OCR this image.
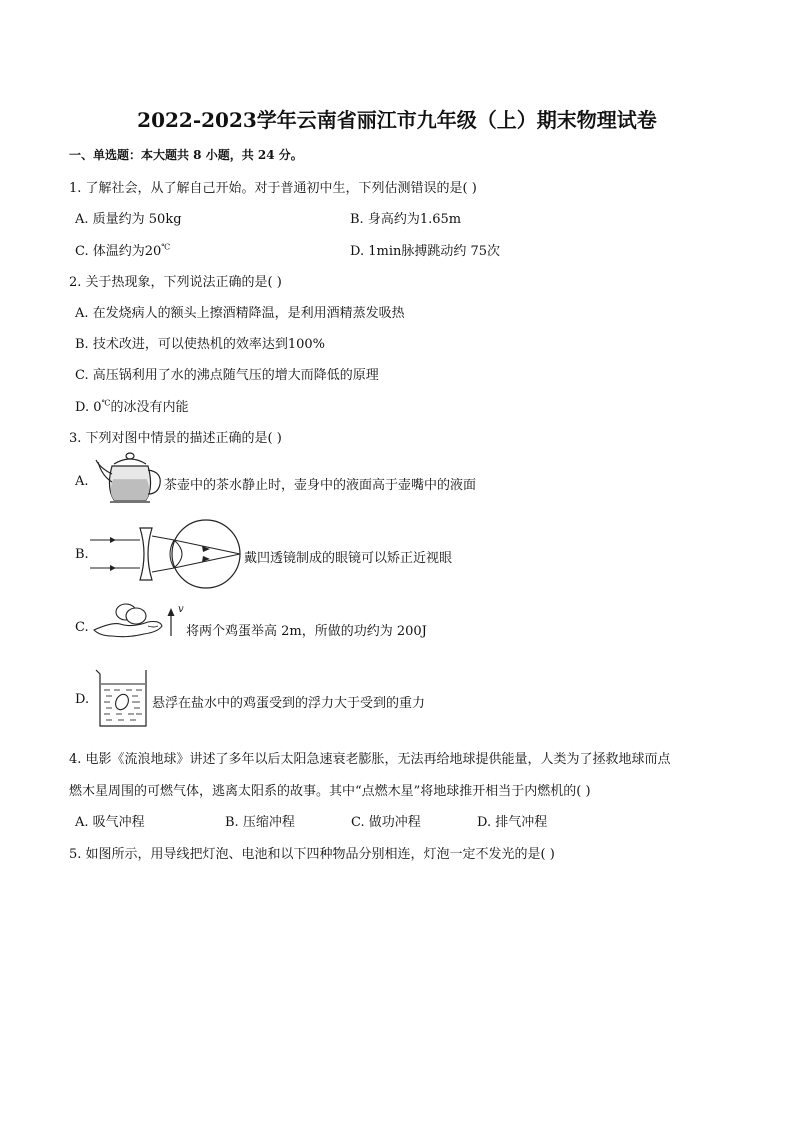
2022-2023学年云南省丽江市九年级（上）期末物理试卷
一、单选题：本大题共 8 小题，共 24 分。
1. 了解社会，从了解自己开始。对于普通初中生，下列估测错误的是( )
A. 质量约为 50kg	B. 身高约为1.65m
C. 体温约为20℃	D. 1min脉搏跳动约 75次
2. 关于热现象，下列说法正确的是( )
A. 在发烧病人的额头上擦酒精降温，是利用酒精蒸发吸热
B. 技术改进，可以使热机的效率达到100%
C. 高压锅利用了水的沸点随气压的增大而降低的原理
D. 0℃的冰没有内能
3. 下列对图中情景的描述正确的是( )
A.	茶壶中的茶水静止时，壶身中的液面高于壶嘴中的液面
B.	戴凹透镜制成的眼镜可以矫正近视眼
C.
v
将两个鸡蛋举高 2m，所做的功约为 200J
D.	悬浮在盐水中的鸡蛋受到的浮力大于受到的重力
4. 电影《流浪地球》讲述了多年以后太阳急速衰老膨胀，无法再给地球提供能量，人类为了拯救地球而点
燃木星周围的可燃气体，逃离太阳系的故事。其中“点燃木星”将地球推开相当于内燃机的( )
A. 吸气冲程	B. 压缩冲程	C. 做功冲程	D. 排气冲程
5. 如图所示，用导线把灯泡、电池和以下四种物品分别相连，灯泡一定不发光的是( )
